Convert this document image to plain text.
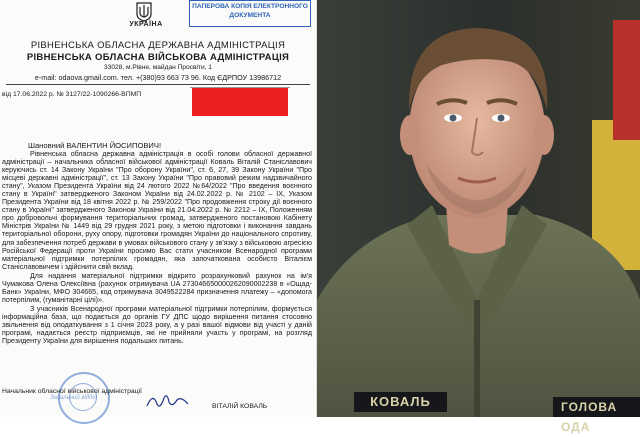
УКРАЇНА
ПАПЕРОВА КОПІЯ ЕЛЕКТРОННОГО ДОКУМЕНТА
РІВНЕНСЬКА ОБЛАСНА ДЕРЖАВНА АДМІНІСТРАЦІЯ
РІВНЕНСЬКА ОБЛАСНА ВІЙСЬКОВА АДМІНІСТРАЦІЯ
33028, м.Рівне, майдан Просвіти, 1
e-mail: odaova.gmail.com. тел. +(380)93 663 73 96. Код ЄДРПОУ 13986712
від 17.06.2022 р. № 3127/22-1090266-ВПМП
Шановний ВАЛЕНТИН ЙОСИПОВИЧ!

Рівненська обласна державна адміністрація в особі голови обласної державної адміністрації – начальника обласної військової адміністрації Коваль Віталій Станіславович керуючись ст. 14 Закону України "Про оборону України", ст. 6, 27, 39 Закону України "Про місцеві державні адміністрації", ст. 13 Закону України "Про правовий режим надзвичайного стану", Указом Президента України від 24 лютого 2022 №64/2022 "Про введення воєнного стану в Україні" затвердженого Законом України від 24.02.2022 р. № 2102 – IX, Указом Президента України від 18 квітня 2022 р. № 259/2022 "Про продовження строку дії воєнного стану в Україні" затвердженого Законом України від 21.04.2022 р. № 2212 – IX, Положенням про добровольчі формування територіальних громад, затвердженого постановою Кабінету Міністрів України № 1449 від 29 грудня 2021 року, з метою підготовки і виконання завдань територіальної оборони, руху опору, підготовки громадян України до національного спротиву, для забезпечення потреб держави в умовах військового стану у зв'язку з військовою агресією Російської Федерації проти України просимо Вас стати учасником Всенародної програми матеріальної підтримки потерпілих громадян, яка започаткована особисто Віталієм Станіславовичем і здійснити свій вклад.

Для надання матеріальної підтримки відкрито розрахунковий рахунок на ім'я Чумакова Олена Олексіївна (рахунок отримувача UA 273046650000262090002238 в «Ощад-Банк» України, МФО 304665, код отримувача 3049522284 призначення платежу – «допомога потерпілим, (гуманітарні цілі)».

З учасників Всенародної програми матеріальної підтримки потерпілим, формується інформаційна база, що подається до органів ГУ ДПС щодо вирішення питання стосовно звільнення від оподаткування з 1 січня 2023 року, а у разі вашої відмови від участі у даній програмі, надається реєстр підприємців, які не прийняли участь у програмі, на розгляд Президенту України для вирішення подальших питань.

Загальний відділ
Начальник обласної військової адміністрації
ВІТАЛІЙ КОВАЛЬ	КОВАЛЬ	ГОЛОВА ОДА
